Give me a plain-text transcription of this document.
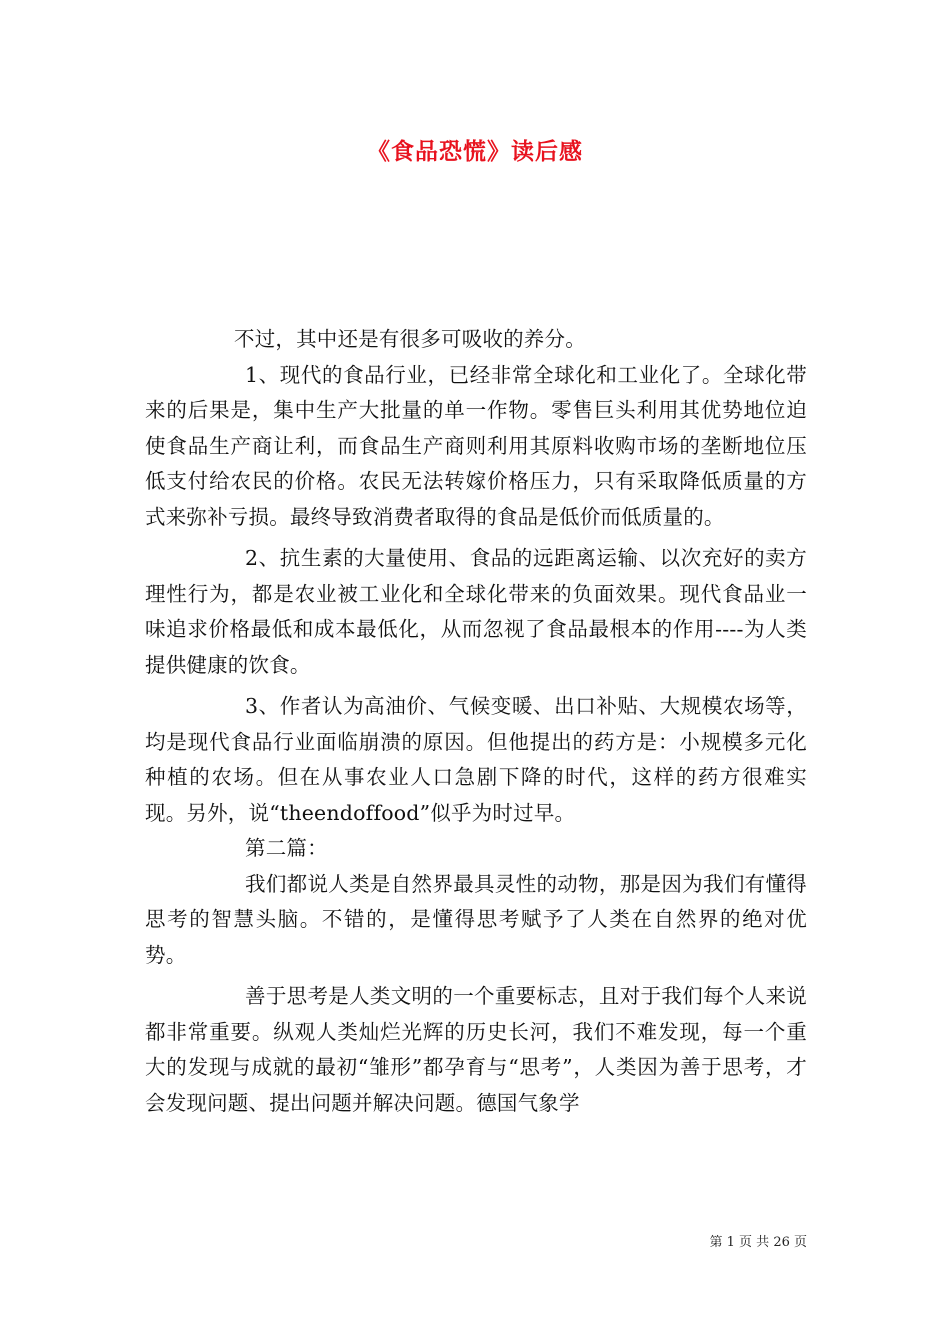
《食品恐慌》读后感

不过，其中还是有很多可吸收的养分。

1、现代的食品行业，已经非常全球化和工业化了。全球化带来的后果是，集中生产大批量的单一作物。零售巨头利用其优势地位迫使食品生产商让利，而食品生产商则利用其原料收购市场的垄断地位压低支付给农民的价格。农民无法转嫁价格压力，只有采取降低质量的方式来弥补亏损。最终导致消费者取得的食品是低价而低质量的。

2、抗生素的大量使用、食品的远距离运输、以次充好的卖方理性行为，都是农业被工业化和全球化带来的负面效果。现代食品业一味追求价格最低和成本最低化，从而忽视了食品最根本的作用----为人类提供健康的饮食。

3、作者认为高油价、气候变暖、出口补贴、大规模农场等，均是现代食品行业面临崩溃的原因。但他提出的药方是：小规模多元化种植的农场。但在从事农业人口急剧下降的时代，这样的药方很难实现。另外，说“theendoffood”似乎为时过早。

第二篇：

我们都说人类是自然界最具灵性的动物，那是因为我们有懂得思考的智慧头脑。不错的，是懂得思考赋予了人类在自然界的绝对优势。

善于思考是人类文明的一个重要标志，且对于我们每个人来说都非常重要。纵观人类灿烂光辉的历史长河，我们不难发现，每一个重大的发现与成就的最初“雏形”都孕育与“思考”，人类因为善于思考，才会发现问题、提出问题并解决问题。德国气象学

第 1 页 共 26 页
